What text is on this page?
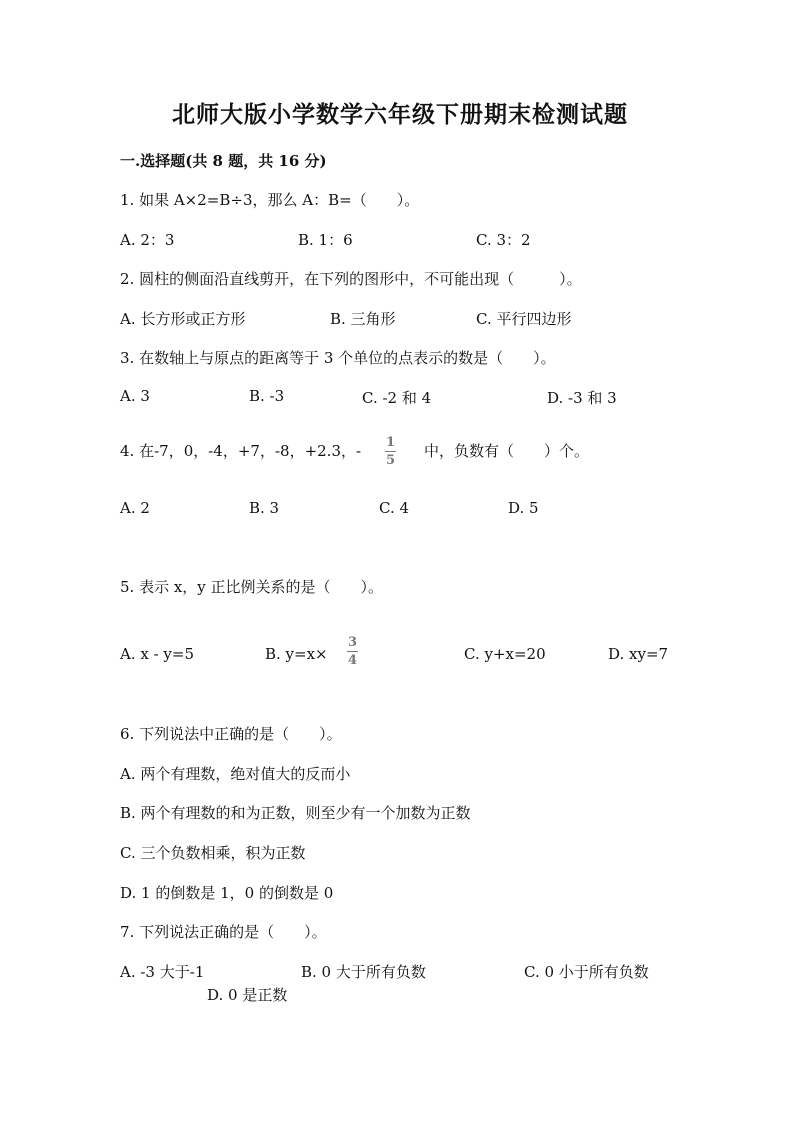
北师大版小学数学六年级下册期末检测试题
一.选择题(共 8 题，共 16 分)
1. 如果 A×2=B÷3，那么 A：B=（　　）。
A. 2：3	B. 1：6	C. 3：2
2. 圆柱的侧面沿直线剪开，在下列的图形中，不可能出现（　　　）。
A. 长方形或正方形	B. 三角形	C. 平行四边形
3. 在数轴上与原点的距离等于 3 个单位的点表示的数是（　　）。
A. 3	B. -3	C. -2 和 4	D. -3 和 3
4. 在-7，0，-4，+7，-8，+2.3，- 1
5
中，负数有（　　）个。
A. 2	B. 3	C. 4	D. 5
5. 表示 x，y 正比例关系的是（　　）。
A. x - y=5	B. y=x×
3
4	C. y+x=20	D. xy=7
6. 下列说法中正确的是（　　）。
A. 两个有理数，绝对值大的反而小
B. 两个有理数的和为正数，则至少有一个加数为正数
C. 三个负数相乘，积为正数
D. 1 的倒数是 1，0 的倒数是 0
7. 下列说法正确的是（　　）。
A. -3 大于-1	B. 0 大于所有负数	C. 0 小于所有负数
D. 0 是正数
